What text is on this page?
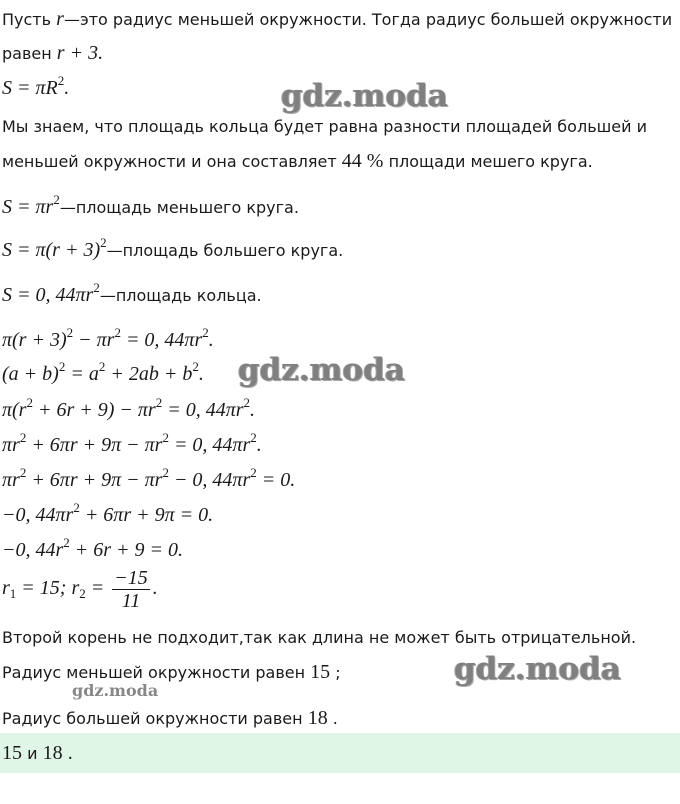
Пусть r—это радиус меньшей окружности. Тогда радиус большей окружности
равен r + 3.
$S = \pi R^2$.
Мы знаем, что площадь кольца будет равна разности площадей большей и
меньшей окружности и она составляет 44 % площади мешего круга.
$S = \pi r^2—площадь$ меньшего круга.
$S = \pi(r + 3)^2—площадь$ большего круга.
S = 0, $44\pi r^2—площадь$ кольца.
$\pi(r + 3)^2 - \pi r^2 = 0$, $44\pi r^2$.
$(a + b)^2 = a^2 + 2ab + b^2$.
$\pi(r^2 + 6r + 9) - \pi r^2 = 0$, $44\pi r^2$.
$\pi r^2 + 6\pi r + 9\pi - \pi r^2 = 0$, $44\pi r^2$.
$\pi r^2 + 6\pi r + 9\pi - \pi r^2 - 0$, $44\pi r^2 = 0$.
−0, $44\pi r^2 + 6\pi r + 9\pi = 0$.
−0, $44r^2 + 6r + 9 = 0$.
$r_1 = 15$; $r_2 = \frac{-15}{11}$ .
Второй корень не подходит,так как длина не может быть отрицательной.
Радиус меньшей окружности равен 15 ;
Радиус большей окружности равен 18 .
15 и 18 .
gdz.moda
gdz.moda
gdz.moda
gdz.moda
